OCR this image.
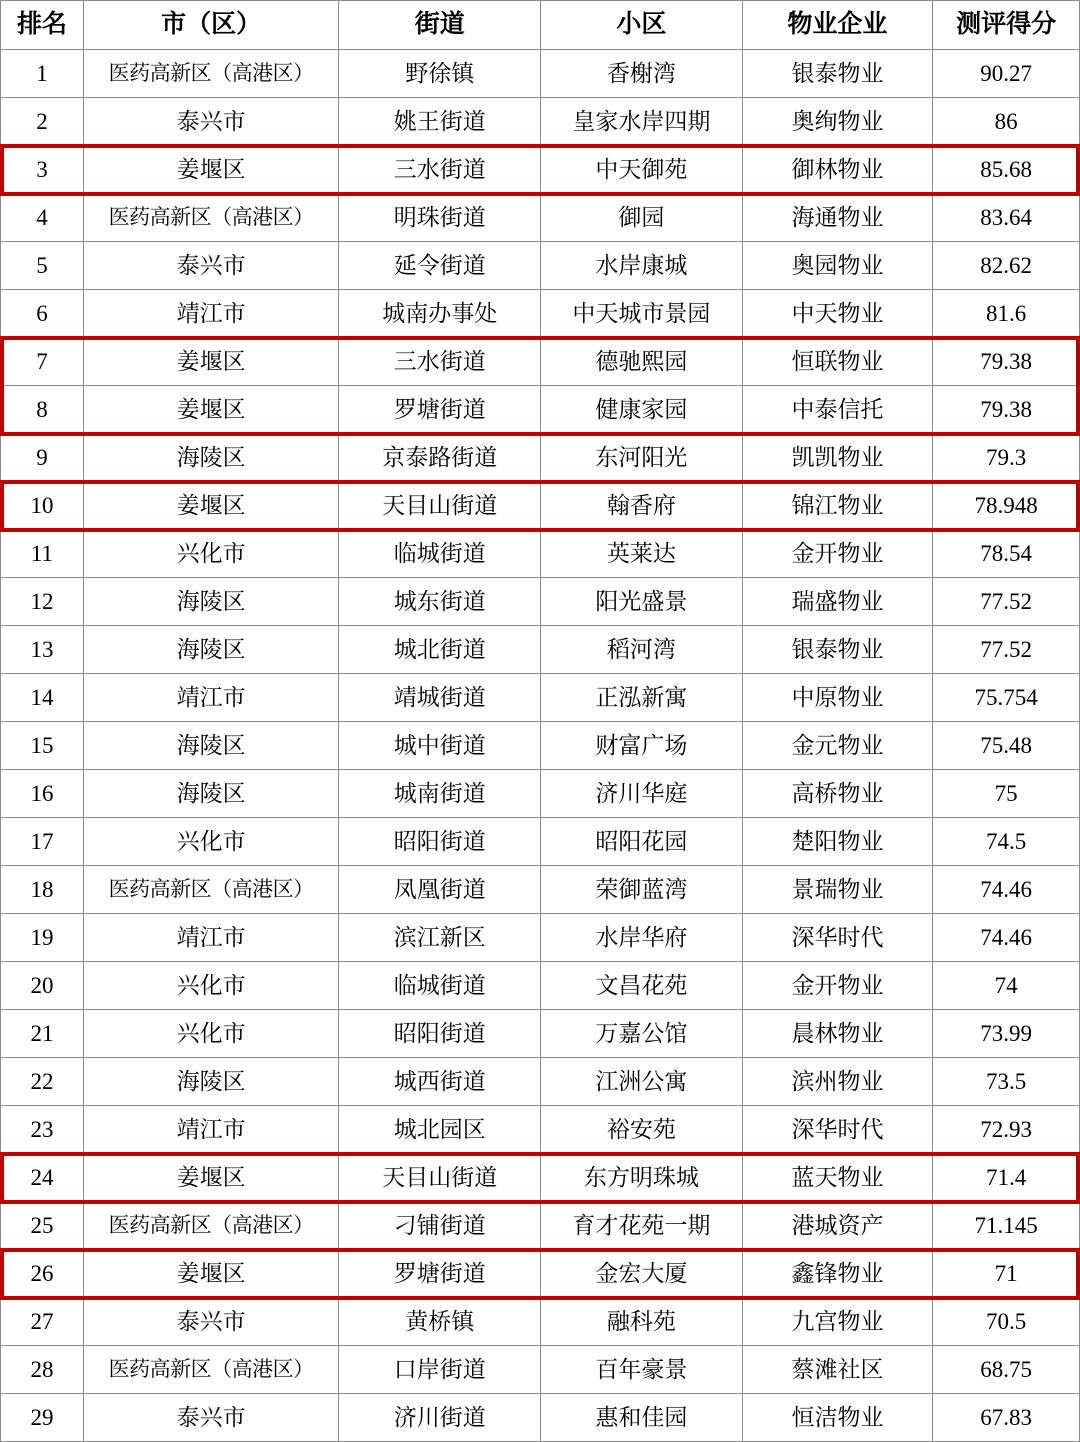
排名	市（区）	街道	小区	物业企业	测评得分
1	医药高新区（高港区）	野徐镇	香榭湾	银泰物业	90.27
2	泰兴市	姚王街道	皇家水岸四期	奥绚物业	86
3	姜堰区	三水街道	中天御苑	御林物业	85.68
4	医药高新区（高港区）	明珠街道	御园	海通物业	83.64
5	泰兴市	延令街道	水岸康城	奥园物业	82.62
6	靖江市	城南办事处	中天城市景园	中天物业	81.6
7	姜堰区	三水街道	德驰熙园	恒联物业	79.38
8	姜堰区	罗塘街道	健康家园	中泰信托	79.38
9	海陵区	京泰路街道	东河阳光	凯凯物业	79.3
10	姜堰区	天目山街道	翰香府	锦江物业	78.948
11	兴化市	临城街道	英莱达	金开物业	78.54
12	海陵区	城东街道	阳光盛景	瑞盛物业	77.52
13	海陵区	城北街道	稻河湾	银泰物业	77.52
14	靖江市	靖城街道	正泓新寓	中原物业	75.754
15	海陵区	城中街道	财富广场	金元物业	75.48
16	海陵区	城南街道	济川华庭	高桥物业	75
17	兴化市	昭阳街道	昭阳花园	楚阳物业	74.5
18	医药高新区（高港区）	凤凰街道	荣御蓝湾	景瑞物业	74.46
19	靖江市	滨江新区	水岸华府	深华时代	74.46
20	兴化市	临城街道	文昌花苑	金开物业	74
21	兴化市	昭阳街道	万嘉公馆	晨林物业	73.99
22	海陵区	城西街道	江洲公寓	滨州物业	73.5
23	靖江市	城北园区	裕安苑	深华时代	72.93
24	姜堰区	天目山街道	东方明珠城	蓝天物业	71.4
25	医药高新区（高港区）	刁铺街道	育才花苑一期	港城资产	71.145
26	姜堰区	罗塘街道	金宏大厦	鑫锋物业	71
27	泰兴市	黄桥镇	融科苑	九宫物业	70.5
28	医药高新区（高港区）	口岸街道	百年豪景	蔡滩社区	68.75
29	泰兴市	济川街道	惠和佳园	恒洁物业	67.83
